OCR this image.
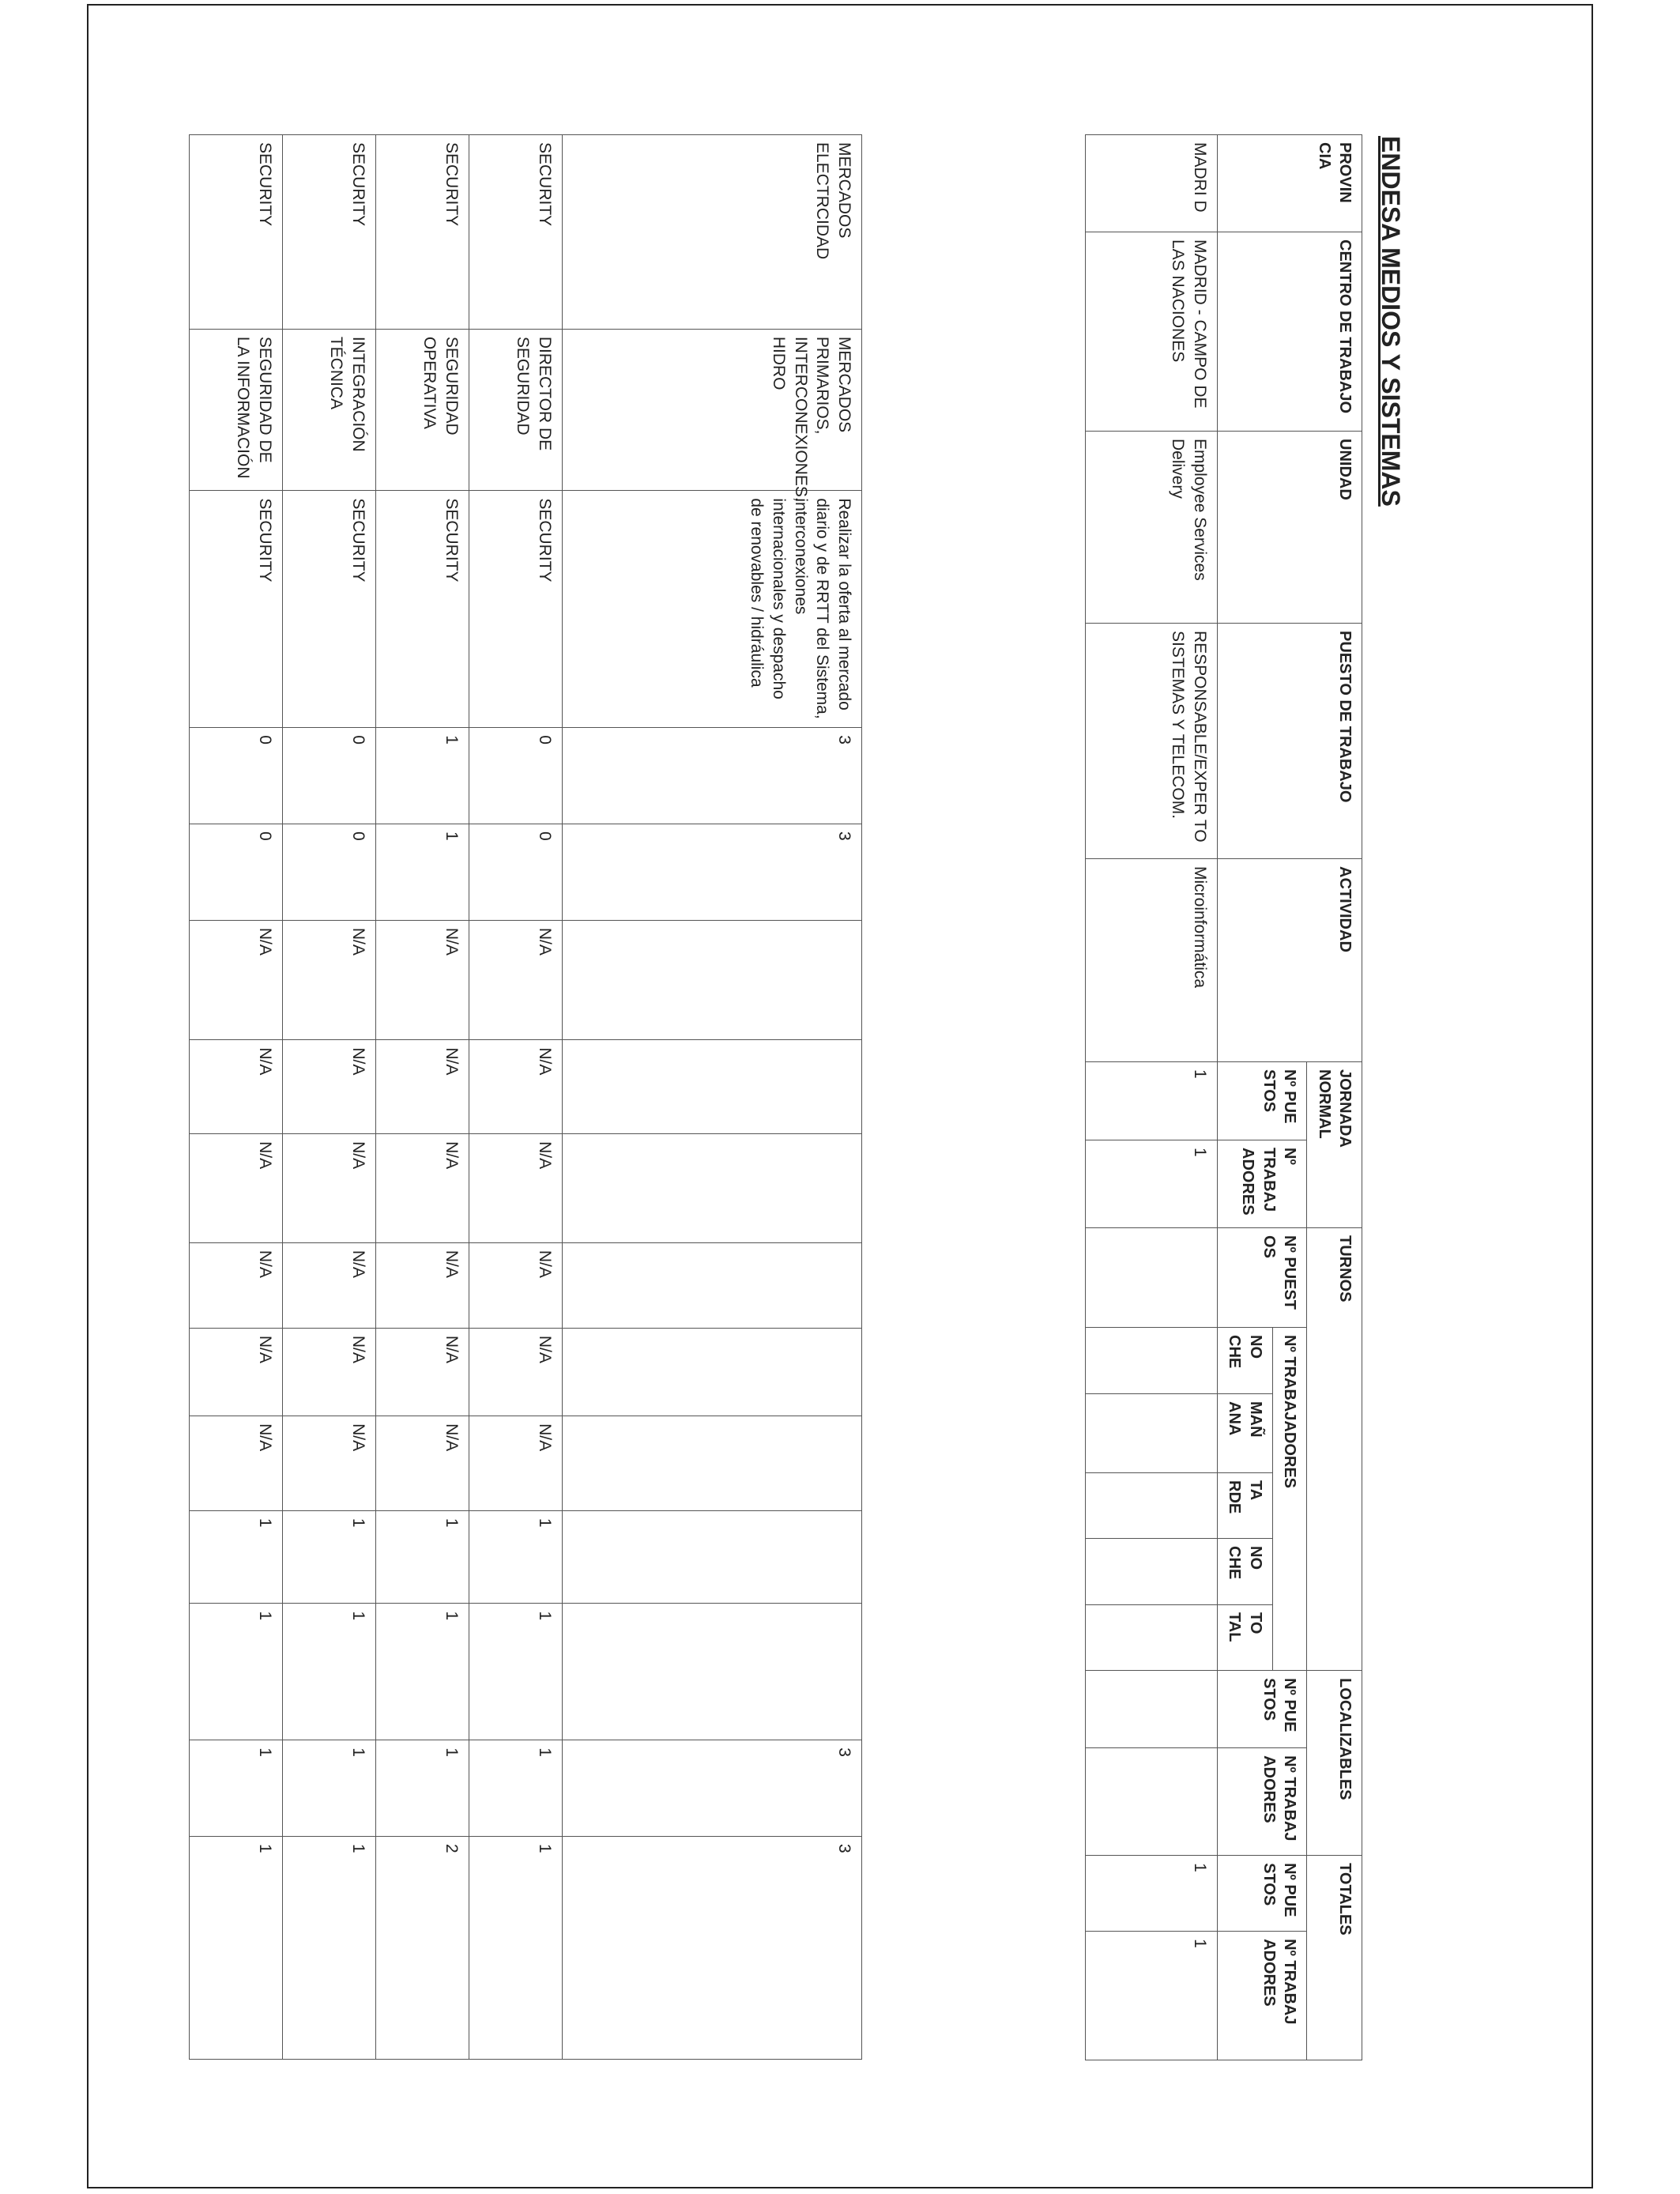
MERCADOS ELECTRCIDAD	MERCADOS PRIMARIOS, INTERCONEXIONES, HIDRO	Realizar la oferta al mercado diario y de RRTT del Sistema, interconexiones internacionales y despacho de renovables / hidráulica	3	3									3	3
SECURITY	DIRECTOR DE SEGURIDAD	SECURITY	0	0	N/A	N/A	N/A	N/A	N/A	N/A	1	1	1	1
SECURITY	SEGURIDAD OPERATIVA	SECURITY	1	1	N/A	N/A	N/A	N/A	N/A	N/A	1	1	1	2
SECURITY	INTEGRACIÓN TÉCNICA	SECURITY	0	0	N/A	N/A	N/A	N/A	N/A	N/A	1	1	1	1
SECURITY	SEGURIDAD DE LA INFORMACIÓN	SECURITY	0	0	N/A	N/A	N/A	N/A	N/A	N/A	1	1	1	1
ENDESA MEDIOS Y SISTEMAS
PROVIN CIA	CENTRO DE TRABAJO	UNIDAD	PUESTO DE TRABAJO	ACTIVIDAD	JORNADA NORMAL		TURNOS						LOCALIZABLES		TOTALES	
					Nº PUE STOS	Nº TRABAJ ADORES	Nº PUEST OS	Nº TRABAJADORES					Nº PUE STOS	Nº TRABAJ ADORES	Nº PUE STOS	Nº TRABAJ ADORES
								NO CHE	MAÑ ANA	TA RDE	NO CHE	TO TAL				
MADRI D	MADRID - CAMPO DE LAS NACIONES	Employee Services Delivery	RESPONSABLE/EXPER TO SISTEMAS Y TELECOM.	Microinformática	1	1									1	1
